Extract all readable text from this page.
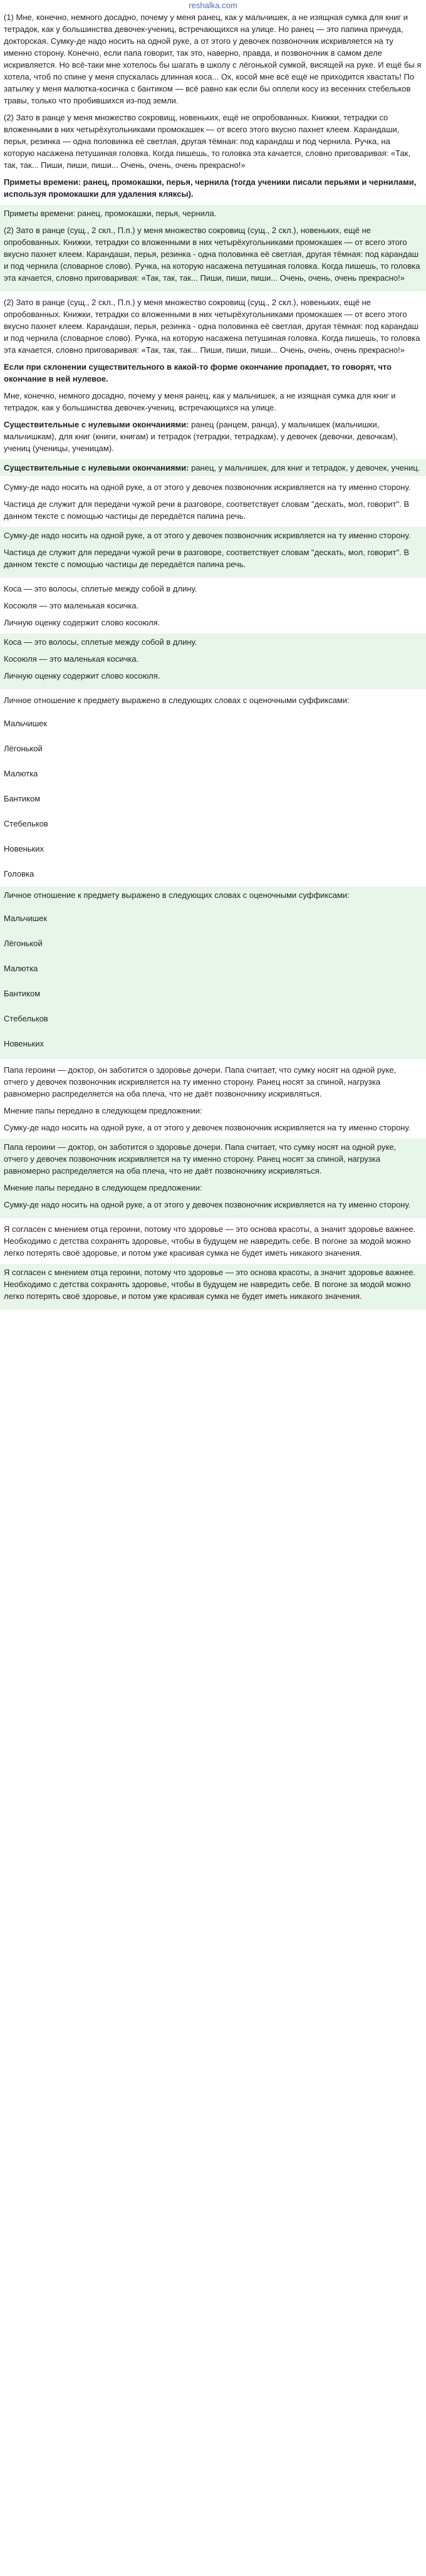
reshalka.com
(1) Мне, конечно, немного досадно, почему у меня ранец, как у мальчишек, а не изящная сумка для книг и тетрадок, как у большинства девочек-учениц, встречающихся на улице. Но ранец — это папина причуда, докторская. Сумку-де надо носить на одной руке, а от этого у девочек позвоночник искривляется на ту именно сторону. Конечно, если папа говорит, так это, наверно, правда, и позвоночник в самом деле искривляется. Но всё-таки мне хотелось бы шагать в школу с лёгонькой сумкой, висящей на руке. И ещё бы я хотела, чтоб по спине у меня спускалась длинная коса... Ох, косой мне всё ещё не приходится хвастать! По затылку у меня малютка-косичка с бантиком — всё равно как если бы оплели косу из весенних стебельков травы, только что пробившихся из-под земли.
(2) Зато в ранце у меня множество сокровищ, новеньких, ещё не опробованных. Книжки, тетрадки со вложенными в них четырёхугольниками промокашек — от всего этого вкусно пахнет клеем. Карандаши, перья, резинка — одна половинка её светлая, другая тёмная: под карандаш и под чернила. Ручка, на которую насажена петушиная головка. Когда пишешь, то головка эта качается, словно приговаривая: «Так, так, так... Пиши, пиши, пиши... Очень, очень, очень прекрасно!»
Приметы времени: ранец, промокашки, перья, чернила (тогда ученики писали перьями и чернилами, используя промокашки для удаления кляксы).
Приметы времени: ранец, промокашки, перья, чернила.
(2) Зато в ранце (сущ., 2 скл., П.п.) у меня множество сокровищ (сущ., 2 скл.), новеньких, ещё не опробованных. Книжки, тетрадки со вложенными в них четырёхугольниками промокашек — от всего этого вкусно пахнет клеем. Карандаши, перья, резинка - одна половинка её светлая, другая тёмная: под карандаш и под чернила (словарное слово). Ручка, на которую насажена петушиная головка. Когда пишешь, то головка эта качается, словно приговаривая: «Так, так, так... Пиши, пиши, пиши... Очень, очень, очень прекрасно!»
(2) Зато в ранце (сущ., 2 скл., П.п.) у меня множество сокровищ (сущ., 2 скл.), новеньких, ещё не опробованных. Книжки, тетрадки со вложенными в них четырёхугольниками промокашек — от всего этого вкусно пахнет клеем. Карандаши, перья, резинка - одна половинка её светлая, другая тёмная: под карандаш и под чернила (словарное слово). Ручка, на которую насажена петушиная головка. Когда пишешь, то головка эта качается, словно приговаривая: «Так, так, так... Пиши, пиши, пиши... Очень, очень, очень прекрасно!»
Если при склонении существительного в какой-то форме окончание пропадает, то говорят, что окончание в ней нулевое.
Мне, конечно, немного досадно, почему у меня ранец, как у мальчишек, а не изящная сумка для книг и тетрадок, как у большинства девочек-учениц, встречающихся на улице.
Существительные с нулевыми окончаниями: ранец (ранцем, ранца), у мальчишек (мальчишки, мальчишкам), для книг (книги, книгам) и тетрадок (тетрадки, тетрадкам), у девочек (девочки, девочкам), учениц (ученицы, ученицам).
Существительные с нулевыми окончаниями: ранец, у мальчишек, для книг и тетрадок, у девочек, учениц.
Сумку-де надо носить на одной руке, а от этого у девочек позвоночник искривляется на ту именно сторону.
Частица де служит для передачи чужой речи в разговоре, соответствует словам "дескать, мол, говорит". В данном тексте с помощью частицы де передаётся папина речь.
Сумку-де надо носить на одной руке, а от этого у девочек позвоночник искривляется на ту именно сторону.
Частица де служит для передачи чужой речи в разговоре, соответствует словам "дескать, мол, говорит". В данном тексте с помощью частицы де передаётся папина речь.
Коса — это волосы, сплетые между собой в длину.
Косоюля — это маленькая косичка.
Личную оценку содержит слово косоюля.
Коса — это волосы, сплетые между собой в длину.
Косоюля — это маленькая косичка.
Личную оценку содержит слово косоюля.
Личное отношение к предмету выражено в следующих словах с оценочными суффиксами:
Мальчишек
Лёгонькой
Малютка
Бантиком
Стебельков
Новеньких
Головка
Личное отношение к предмету выражено в следующих словах с оценочными суффиксами:
Мальчишек
Лёгонькой
Малютка
Бантиком
Стебельков
Новеньких
Папа героини — доктор, он заботится о здоровье дочери. Папа считает, что сумку носят на одной руке, отчего у девочек позвоночник искривляется на ту именно сторону. Ранец носят за спиной, нагрузка равномерно распределяется на оба плеча, что не даёт позвоночнику искривляться.
Мнение папы передано в следующем предложении:
Сумку-де надо носить на одной руке, а от этого у девочек позвоночник искривляется на ту именно сторону.
Папа героини — доктор, он заботится о здоровье дочери. Папа считает, что сумку носят на одной руке, отчего у девочек позвоночник искривляется на ту именно сторону. Ранец носят за спиной, нагрузка равномерно распределяется на оба плеча, что не даёт позвоночнику искривляться.
Мнение папы передано в следующем предложении:
Сумку-де надо носить на одной руке, а от этого у девочек позвоночник искривляется на ту именно сторону.
Я согласен с мнением отца героини, потому что здоровье — это основа красоты, а значит здоровье важнее. Необходимо с детства сохранять здоровье, чтобы в будущем не навредить себе. В погоне за модой можно легко потерять своё здоровье, и потом уже красивая сумка не будет иметь никакого значения.
Я согласен с мнением отца героини, потому что здоровье — это основа красоты, а значит здоровье важнее. Необходимо с детства сохранять здоровье, чтобы в будущем не навредить себе. В погоне за модой можно легко потерять своё здоровье, и потом уже красивая сумка не будет иметь никакого значения.
